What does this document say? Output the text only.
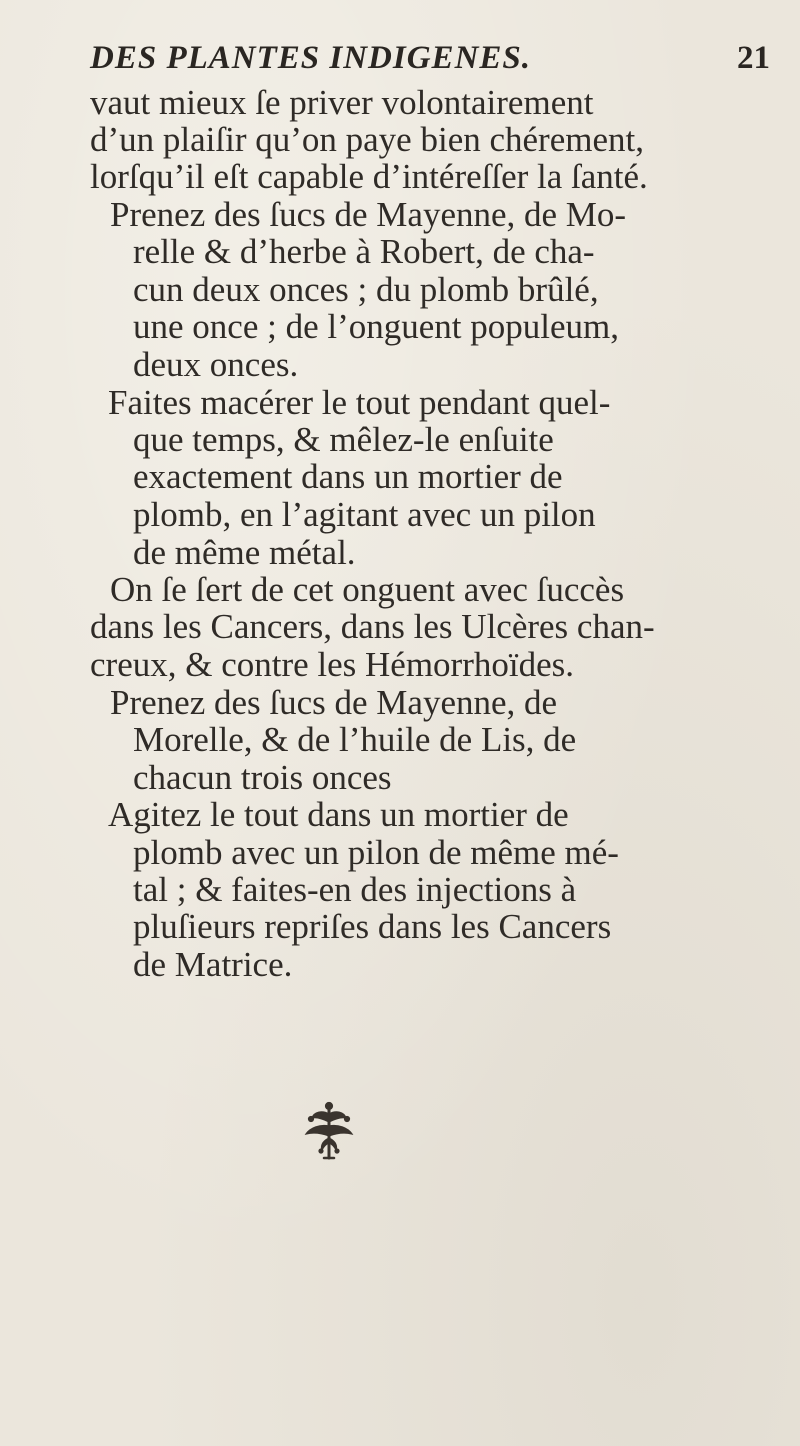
DES PLANTES INDIGENES.	21
vaut mieux ſe priver volontairement
d’un plaiſir qu’on paye bien chérement,
lorſqu’il eſt capable d’intéreſſer la ſanté.
Prenez des ſucs de Mayenne, de Mo-
relle & d’herbe à Robert, de cha-
cun deux onces ; du plomb brûlé,
une once ; de l’onguent populeum,
deux onces.
Faites macérer le tout pendant quel-
que temps, & mêlez-le enſuite
exactement dans un mortier de
plomb, en l’agitant avec un pilon
de même métal.
On ſe ſert de cet onguent avec ſuccès
dans les Cancers, dans les Ulcères chan-
creux, & contre les Hémorrhoïdes.
Prenez des ſucs de Mayenne, de
Morelle, & de l’huile de Lis, de
chacun trois onces
Agitez le tout dans un mortier de
plomb avec un pilon de même mé-
tal ; & faites-en des injections à
pluſieurs repriſes dans les Cancers
de Matrice.
